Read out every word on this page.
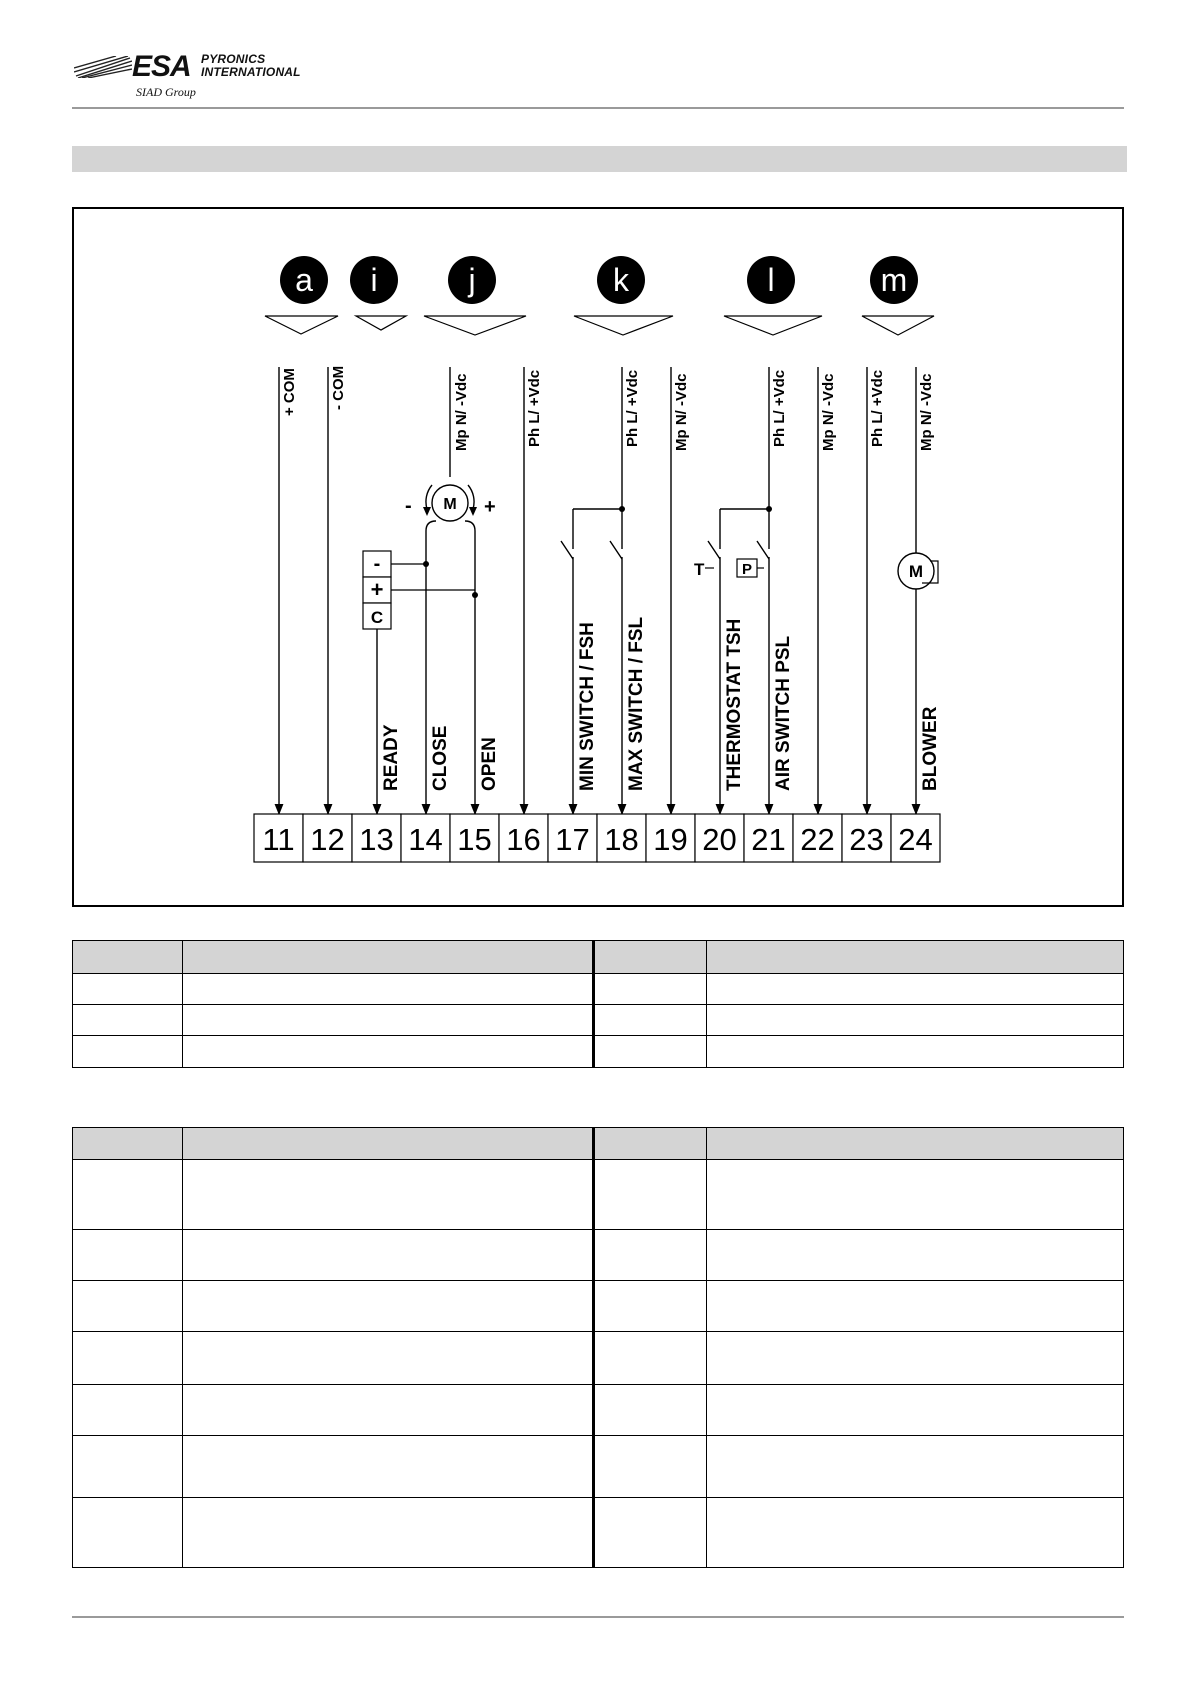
ESA PYRONICS
INTERNATIONAL
SIAD Group
a i	j	k	l	m
M
-	+
-
+
C
T	P	M
+ COM - COM	Mp N/ -Vdc	Ph L/ +Vdc	Ph L/ +Vdc Mp N/ -Vdc	Ph L/ +Vdc Mp N/ -Vdc Ph L/ +Vdc Mp N/ -Vdc
READY CLOSE OPEN	MIN SWITCH / FSH MAX SWITCH / FSL	THERMOSTAT TSH AIR SWITCH PSL	BLOWER
11 12 13 14 15 16 17 18 19 20 21 22 23 24
